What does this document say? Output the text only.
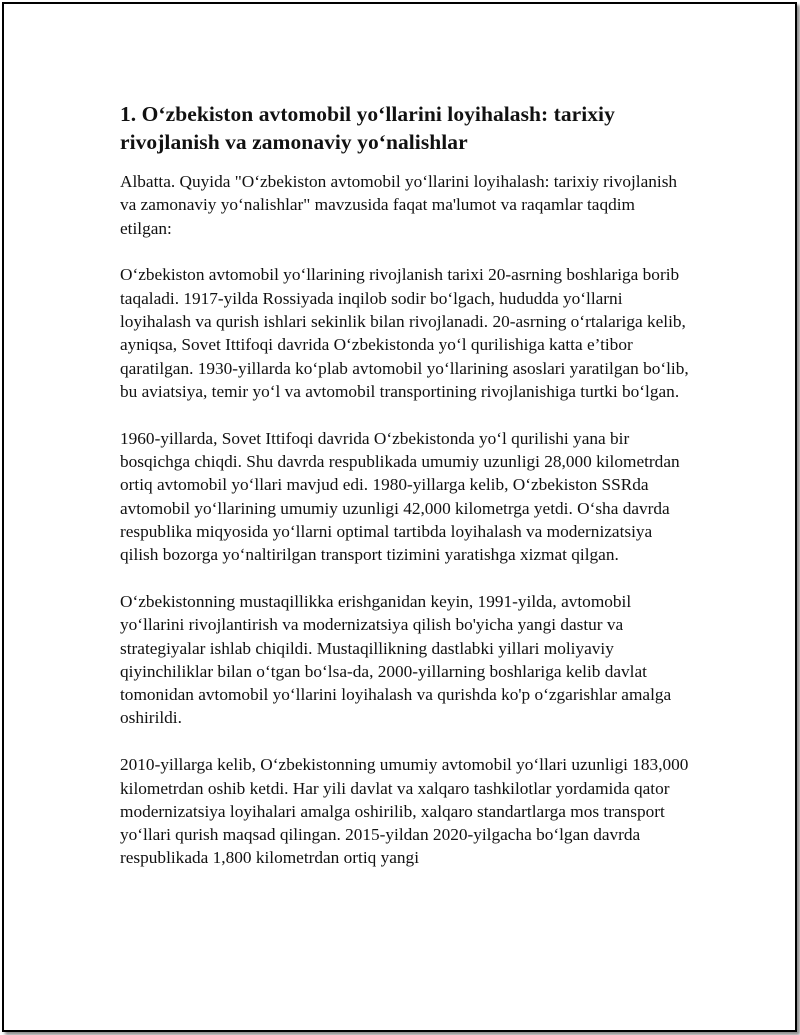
1. O‘zbekiston avtomobil yo‘llarini loyihalash: tarixiy rivojlanish va zamonaviy yo‘nalishlar

Albatta. Quyida "O‘zbekiston avtomobil yo‘llarini loyihalash: tarixiy rivojlanish va zamonaviy yo‘nalishlar" mavzusida faqat ma'lumot va raqamlar taqdim etilgan:

O‘zbekiston avtomobil yo‘llarining rivojlanish tarixi 20-asrning boshlariga borib taqaladi. 1917-yilda Rossiyada inqilob sodir bo‘lgach, hududda yo‘llarni loyihalash va qurish ishlari sekinlik bilan rivojlanadi. 20-asrning o‘rtalariga kelib, ayniqsa, Sovet Ittifoqi davrida O‘zbekistonda yo‘l qurilishiga katta e’tibor qaratilgan. 1930-yillarda ko‘plab avtomobil yo‘llarining asoslari yaratilgan bo‘lib, bu aviatsiya, temir yo‘l va avtomobil transportining rivojlanishiga turtki bo‘lgan.

1960-yillarda, Sovet Ittifoqi davrida O‘zbekistonda yo‘l qurilishi yana bir bosqichga chiqdi. Shu davrda respublikada umumiy uzunligi 28,000 kilometrdan ortiq avtomobil yo‘llari mavjud edi. 1980-yillarga kelib, O‘zbekiston SSRda avtomobil yo‘llarining umumiy uzunligi 42,000 kilometrga yetdi. O‘sha davrda respublika miqyosida yo‘llarni optimal tartibda loyihalash va modernizatsiya qilish bozorga yo‘naltirilgan transport tizimini yaratishga xizmat qilgan.

O‘zbekistonning mustaqillikka erishganidan keyin, 1991-yilda, avtomobil yo‘llarini rivojlantirish va modernizatsiya qilish bo'yicha yangi dastur va strategiyalar ishlab chiqildi. Mustaqillikning dastlabki yillari moliyaviy qiyinchiliklar bilan o‘tgan bo‘lsa-da, 2000-yillarning boshlariga kelib davlat tomonidan avtomobil yo‘llarini loyihalash va qurishda ko'p o‘zgarishlar amalga oshirildi.

2010-yillarga kelib, O‘zbekistonning umumiy avtomobil yo‘llari uzunligi 183,000 kilometrdan oshib ketdi. Har yili davlat va xalqaro tashkilotlar yordamida qator modernizatsiya loyihalari amalga oshirilib, xalqaro standartlarga mos transport yo‘llari qurish maqsad qilingan. 2015-yildan 2020-yilgacha bo‘lgan davrda respublikada 1,800 kilometrdan ortiq yangi
